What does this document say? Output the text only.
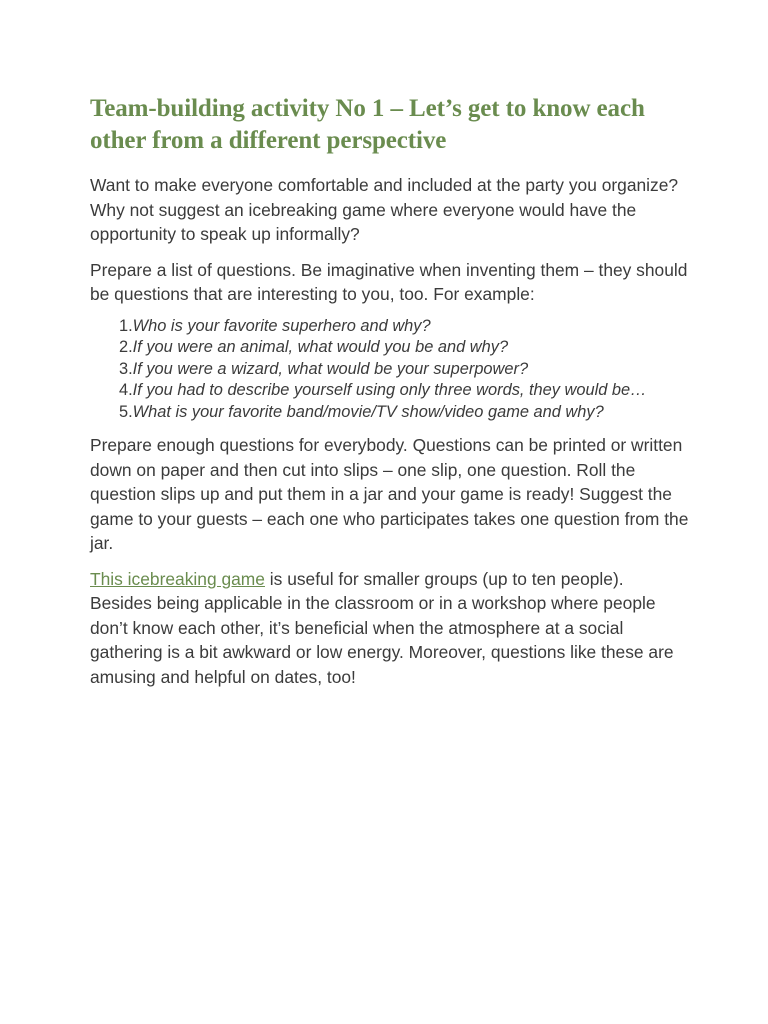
Team-building activity No 1 – Let’s get to know each other from a different perspective

Want to make everyone comfortable and included at the party you organize? Why not suggest an icebreaking game where everyone would have the opportunity to speak up informally?

Prepare a list of questions. Be imaginative when inventing them – they should be questions that are interesting to you, too. For example:

1. Who is your favorite superhero and why?
2. If you were an animal, what would you be and why?
3. If you were a wizard, what would be your superpower?
4. If you had to describe yourself using only three words, they would be…
5. What is your favorite band/movie/TV show/video game and why?

Prepare enough questions for everybody. Questions can be printed or written down on paper and then cut into slips – one slip, one question. Roll the question slips up and put them in a jar and your game is ready! Suggest the game to your guests – each one who participates takes one question from the jar.

This icebreaking game is useful for smaller groups (up to ten people). Besides being applicable in the classroom or in a workshop where people don’t know each other, it’s beneficial when the atmosphere at a social gathering is a bit awkward or low energy. Moreover, questions like these are amusing and helpful on dates, too!
